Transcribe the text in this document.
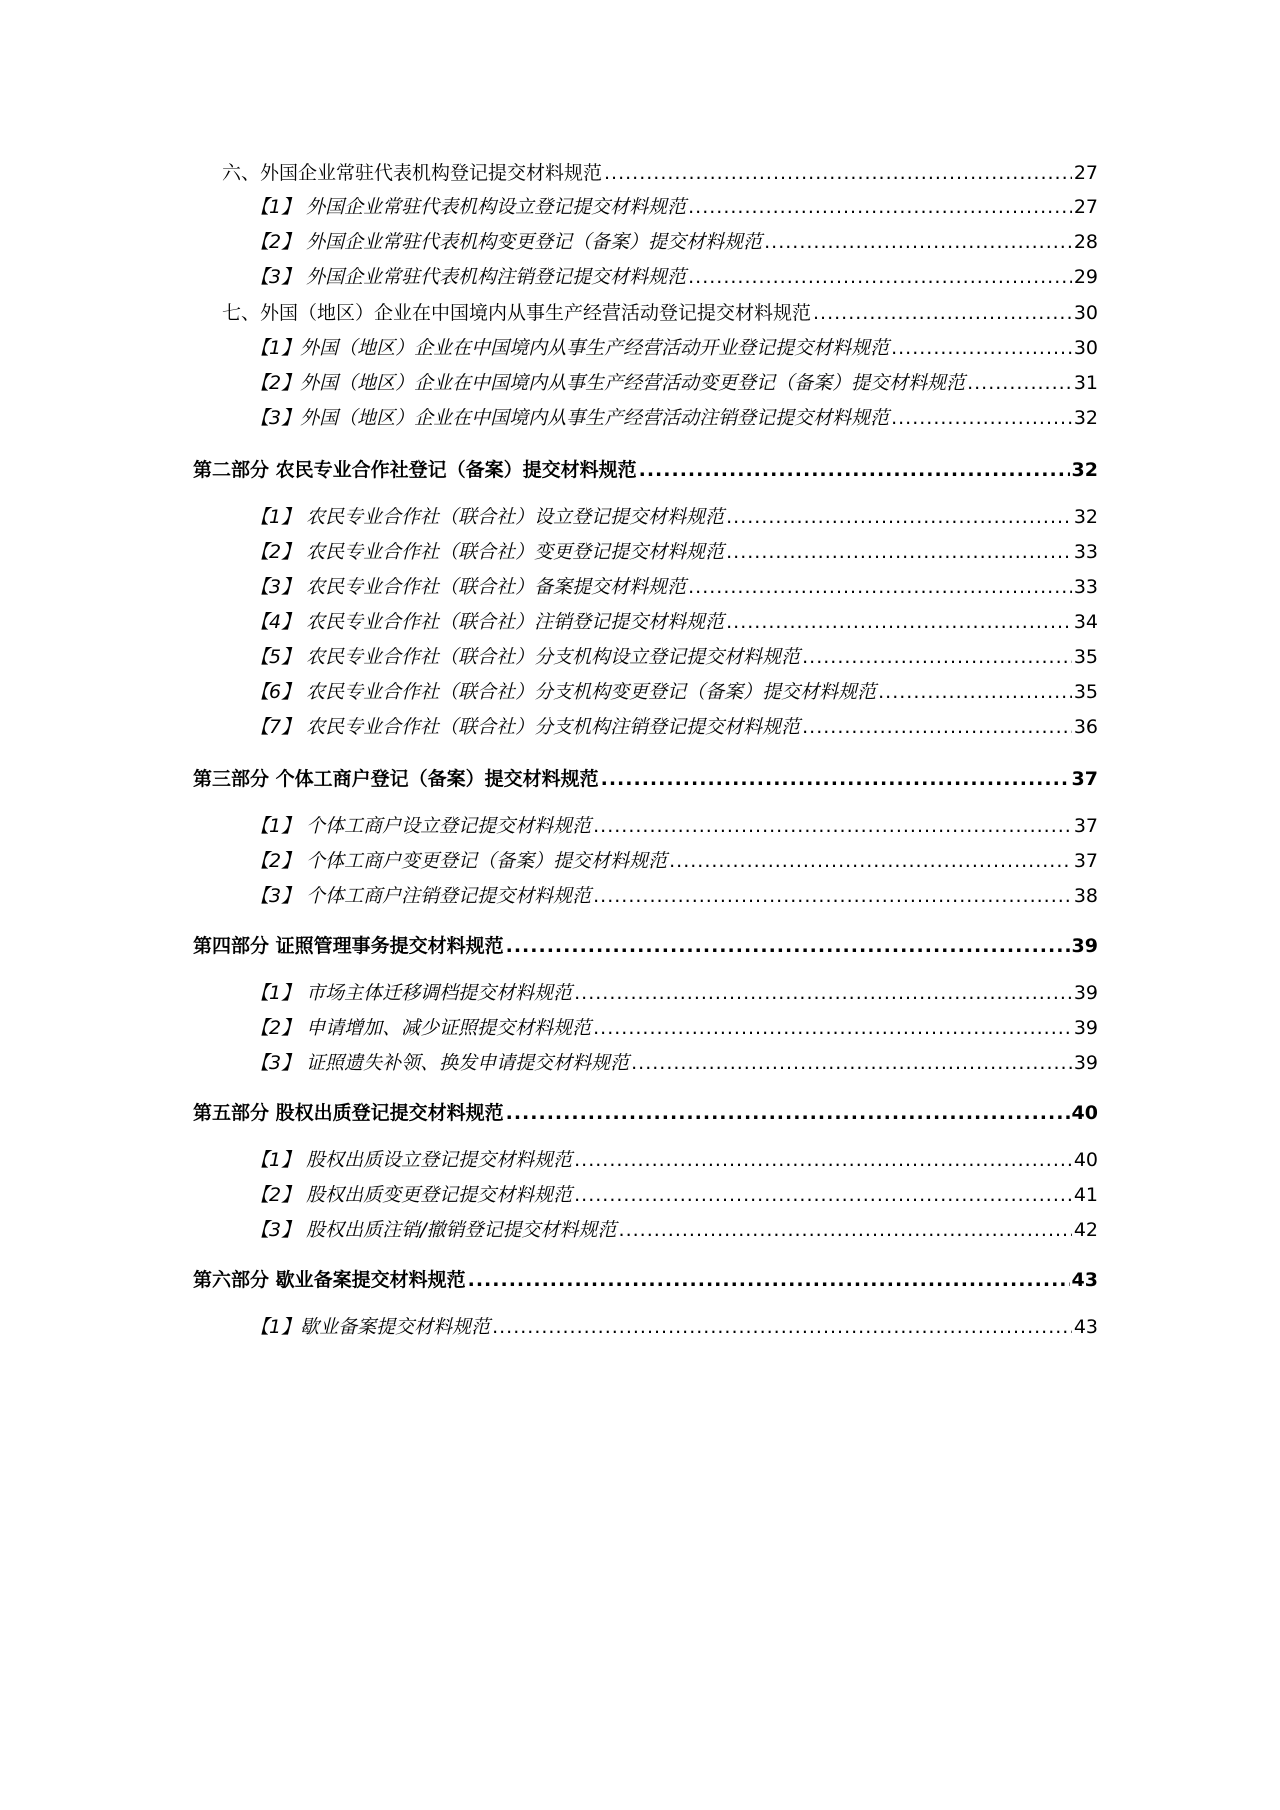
六、外国企业常驻代表机构登记提交材料规范 .....	27
【1】 外国企业常驻代表机构设立登记提交材料规范 .....	27
【2】 外国企业常驻代表机构变更登记（备案）提交材料规范 .....	28
【3】 外国企业常驻代表机构注销登记提交材料规范 .....	29
七、外国（地区）企业在中国境内从事生产经营活动登记提交材料规范 .....	30
【1】外国（地区）企业在中国境内从事生产经营活动开业登记提交材料规范 .....	30
【2】外国（地区）企业在中国境内从事生产经营活动变更登记（备案）提交材料规范 .....	31
【3】外国（地区）企业在中国境内从事生产经营活动注销登记提交材料规范 .....	32
第二部分 农民专业合作社登记（备案）提交材料规范 .....	32
【1】 农民专业合作社（联合社）设立登记提交材料规范 .....	32
【2】 农民专业合作社（联合社）变更登记提交材料规范 .....	33
【3】 农民专业合作社（联合社）备案提交材料规范 .....	33
【4】 农民专业合作社（联合社）注销登记提交材料规范 .....	34
【5】 农民专业合作社（联合社）分支机构设立登记提交材料规范 .....	35
【6】 农民专业合作社（联合社）分支机构变更登记（备案）提交材料规范 .....	35
【7】 农民专业合作社（联合社）分支机构注销登记提交材料规范 .....	36
第三部分 个体工商户登记（备案）提交材料规范 .....	37
【1】 个体工商户设立登记提交材料规范 .....	37
【2】 个体工商户变更登记（备案）提交材料规范 .....	37
【3】 个体工商户注销登记提交材料规范 .....	38
第四部分 证照管理事务提交材料规范 .....	39
【1】 市场主体迁移调档提交材料规范 .....	39
【2】 申请增加、减少证照提交材料规范 .....	39
【3】 证照遗失补领、换发申请提交材料规范 .....	39
第五部分 股权出质登记提交材料规范 .....	40
【1】 股权出质设立登记提交材料规范 .....	40
【2】 股权出质变更登记提交材料规范 .....	41
【3】 股权出质注销/撤销登记提交材料规范 .....	42
第六部分 歇业备案提交材料规范 .....	43
【1】歇业备案提交材料规范 .....	43
